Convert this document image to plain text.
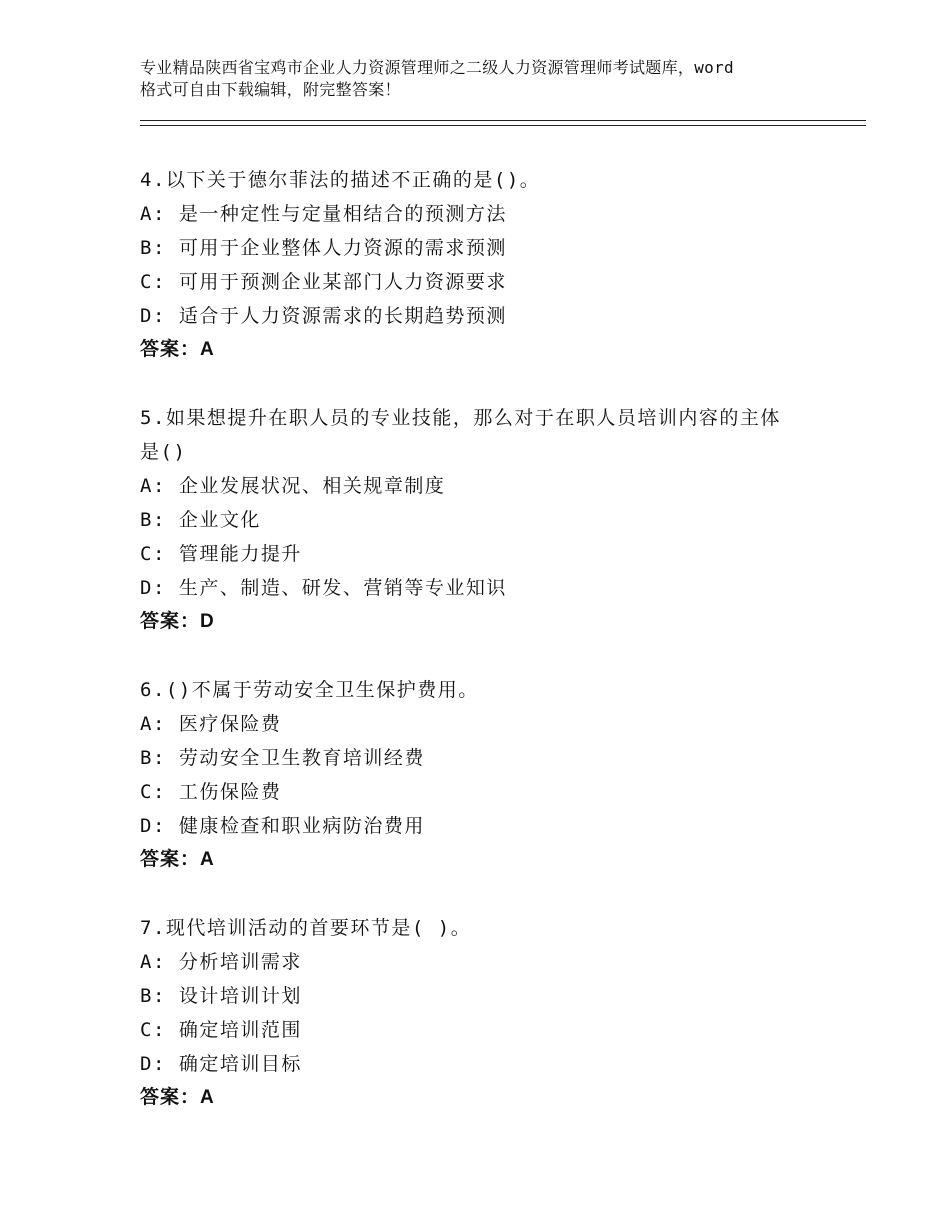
专业精品陕西省宝鸡市企业人力资源管理师之二级人力资源管理师考试题库，word
格式可自由下载编辑，附完整答案！
4.以下关于德尔菲法的描述不正确的是()。
A: 是一种定性与定量相结合的预测方法
B: 可用于企业整体人力资源的需求预测
C: 可用于预测企业某部门人力资源要求
D: 适合于人力资源需求的长期趋势预测
答案：A
5.如果想提升在职人员的专业技能，那么对于在职人员培训内容的主体是()
A: 企业发展状况、相关规章制度
B: 企业文化
C: 管理能力提升
D: 生产、制造、研发、营销等专业知识
答案：D
6.()不属于劳动安全卫生保护费用。
A: 医疗保险费
B: 劳动安全卫生教育培训经费
C: 工伤保险费
D: 健康检查和职业病防治费用
答案：A
7.现代培训活动的首要环节是( )。
A: 分析培训需求
B: 设计培训计划
C: 确定培训范围
D: 确定培训目标
答案：A
